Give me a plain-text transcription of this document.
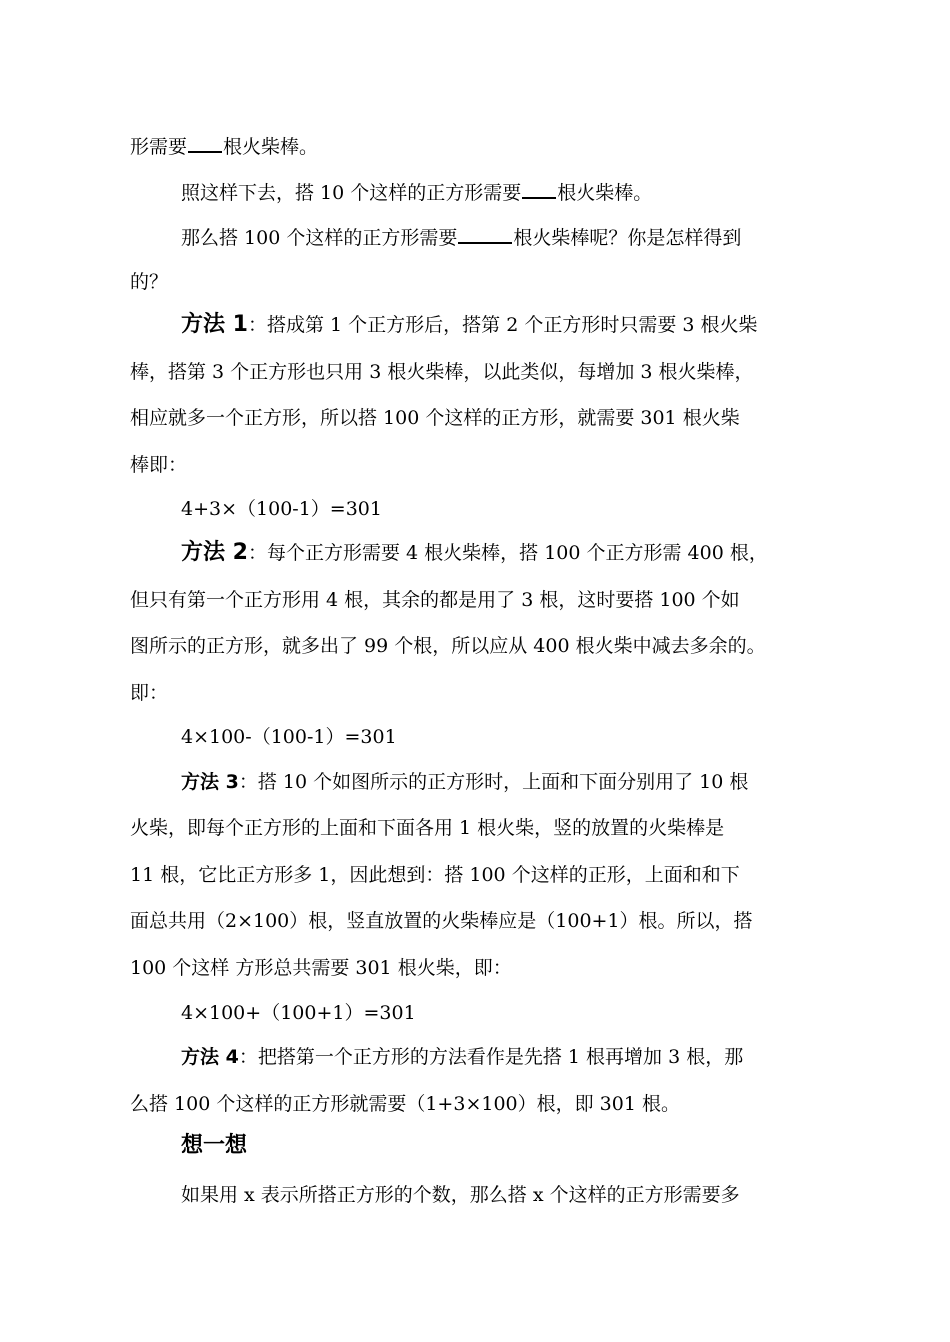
形需要 根火柴棒。
照这样下去，搭 10 个这样的正方形需要 根火柴棒。
那么搭 100 个这样的正方形需要	根火柴棒呢？你是怎样得到
的？
方法 1：搭成第 1 个正方形后，搭第 2 个正方形时只需要 3 根火柴
棒，搭第 3 个正方形也只用 3 根火柴棒，以此类似，每增加 3 根火柴棒，
相应就多一个正方形，所以搭 100 个这样的正方形，就需要 301 根火柴
棒即：
4+3×（100-1）=301
方法 2：每个正方形需要 4 根火柴棒，搭 100 个正方形需 400 根，
但只有第一个正方形用 4 根，其余的都是用了 3 根，这时要搭 100 个如
图所示的正方形，就多出了 99 个根，所以应从 400 根火柴中减去多余的。
即：
4×100-（100-1）=301
方法 3：搭 10 个如图所示的正方形时，上面和下面分别用了 10 根
火柴，即每个正方形的上面和下面各用 1 根火柴，竖的放置的火柴棒是
11 根，它比正方形多 1，因此想到：搭 100 个这样的正形，上面和和下
面总共用（2×100）根，竖直放置的火柴棒应是（100+1）根。所以，搭
100 个这样 方形总共需要 301 根火柴，即：
4×100+（100+1）=301
方法 4：把搭第一个正方形的方法看作是先搭 1 根再增加 3 根，那
么搭 100 个这样的正方形就需要（1+3×100）根，即 301 根。
想一想
如果用 x 表示所搭正方形的个数，那么搭 x 个这样的正方形需要多
